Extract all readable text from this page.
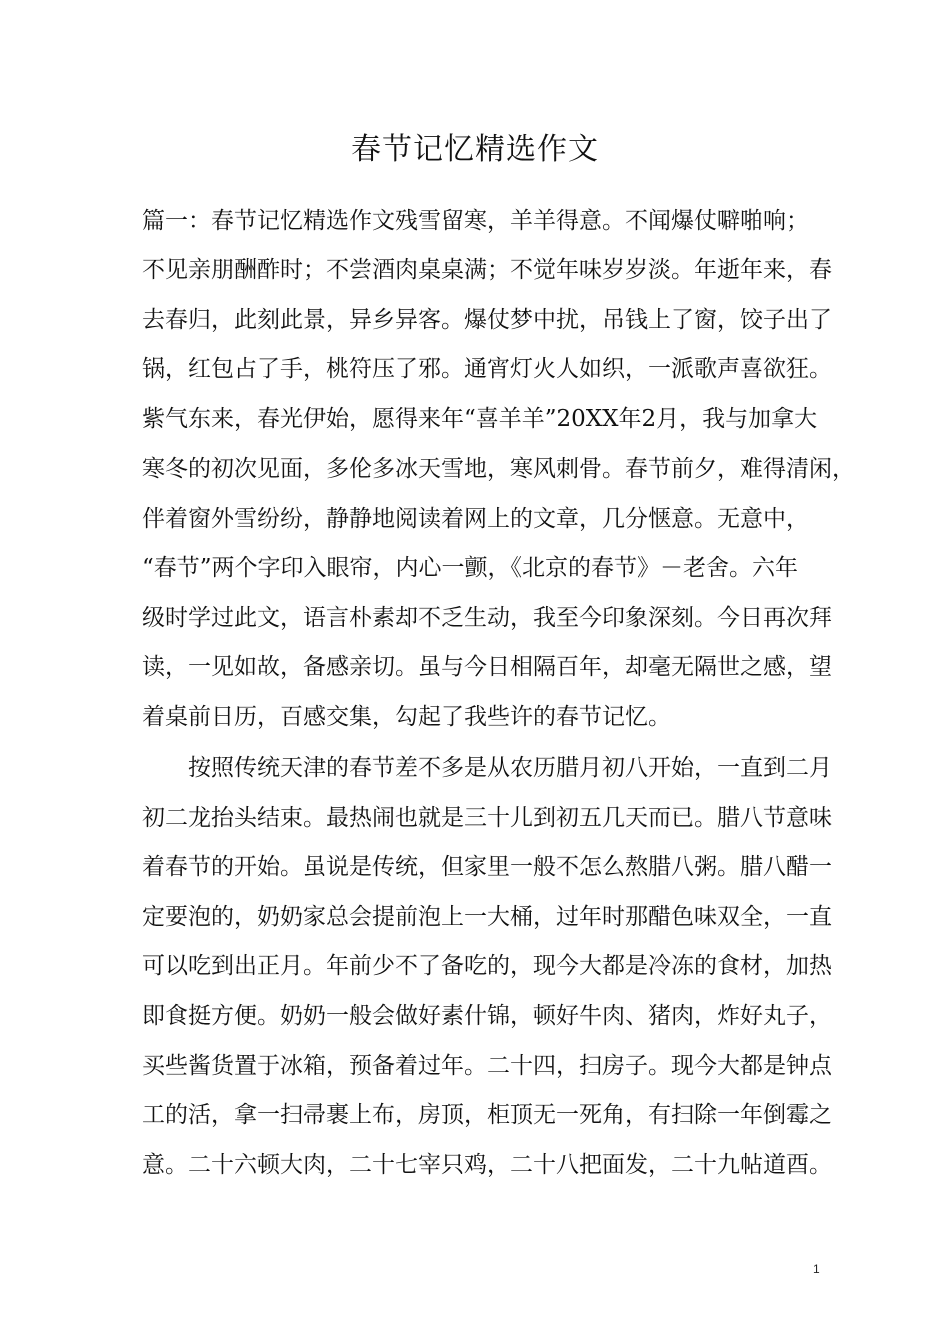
春节记忆精选作文
篇一：春节记忆精选作文残雪留寒，羊羊得意。不闻爆仗噼啪响；
不见亲朋酬酢时；不尝酒肉桌桌满；不觉年味岁岁淡。年逝年来，春
去春归，此刻此景，异乡异客。爆仗梦中扰，吊钱上了窗，饺子出了
锅，红包占了手，桃符压了邪。通宵灯火人如织，一派歌声喜欲狂。
紫气东来，春光伊始，愿得来年“喜羊羊”20XX年2月，我与加拿大
寒冬的初次见面，多伦多冰天雪地，寒风刺骨。春节前夕，难得清闲，
伴着窗外雪纷纷，静静地阅读着网上的文章，几分惬意。无意中，
“春节”两个字印入眼帘，内心一颤，《北京的春节》－老舍。六年
级时学过此文，语言朴素却不乏生动，我至今印象深刻。今日再次拜
读，一见如故，备感亲切。虽与今日相隔百年，却毫无隔世之感，望
着桌前日历，百感交集，勾起了我些许的春节记忆。
按照传统天津的春节差不多是从农历腊月初八开始，一直到二月
初二龙抬头结束。最热闹也就是三十儿到初五几天而已。腊八节意味
着春节的开始。虽说是传统，但家里一般不怎么熬腊八粥。腊八醋一
定要泡的，奶奶家总会提前泡上一大桶，过年时那醋色味双全，一直
可以吃到出正月。年前少不了备吃的，现今大都是冷冻的食材，加热
即食挺方便。奶奶一般会做好素什锦，顿好牛肉、猪肉，炸好丸子，
买些酱货置于冰箱，预备着过年。二十四，扫房子。现今大都是钟点
工的活，拿一扫帚裹上布，房顶，柜顶无一死角，有扫除一年倒霉之
意。二十六顿大肉，二十七宰只鸡，二十八把面发，二十九帖道酉。
1
